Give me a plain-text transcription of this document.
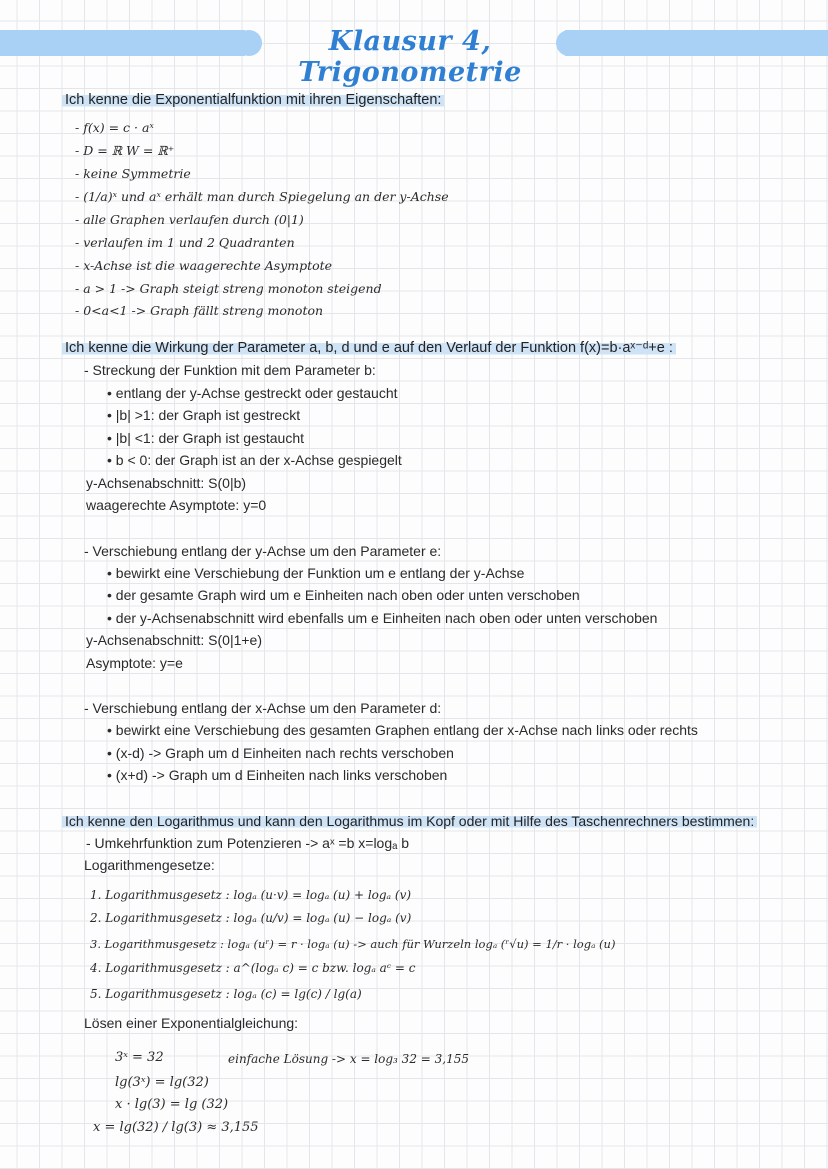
Klausur 4, Trigonometrie
Ich kenne die Exponentialfunktion mit ihren Eigenschaften:
- f(x) = c · aˣ
- D = ℝ W = ℝ⁺
- keine Symmetrie
- (1/a)ˣ und aˣ erhält man durch Spiegelung an der y-Achse
- alle Graphen verlaufen durch (0|1)
- verlaufen im 1 und 2 Quadranten
- x-Achse ist die waagerechte Asymptote
- a > 1 -> Graph steigt streng monoton steigend
- 0<a<1 -> Graph fällt streng monoton
Ich kenne die Wirkung der Parameter a, b, d und e auf den Verlauf der Funktion f(x)=b·aˣ⁻ᵈ+e :
- Streckung der Funktion mit dem Parameter b:
• entlang der y-Achse gestreckt oder gestaucht
• |b| >1: der Graph ist gestreckt
• |b| <1: der Graph ist gestaucht
• b < 0: der Graph ist an der x-Achse gespiegelt
y-Achsenabschnitt: S(0|b)
waagerechte Asymptote: y=0
- Verschiebung entlang der y-Achse um den Parameter e:
• bewirkt eine Verschiebung der Funktion um e entlang der y-Achse
• der gesamte Graph wird um e Einheiten nach oben oder unten verschoben
• der y-Achsenabschnitt wird ebenfalls um e Einheiten nach oben oder unten verschoben
y-Achsenabschnitt: S(0|1+e)
Asymptote: y=e
- Verschiebung entlang der x-Achse um den Parameter d:
• bewirkt eine Verschiebung des gesamten Graphen entlang der x-Achse nach links oder rechts
• (x-d) -> Graph um d Einheiten nach rechts verschoben
• (x+d) -> Graph um d Einheiten nach links verschoben
Ich kenne den Logarithmus und kann den Logarithmus im Kopf oder mit Hilfe des Taschenrechners bestimmen:
- Umkehrfunktion zum Potenzieren -> aˣ =b x=logₐ b
Logarithmengesetze:
1. Logarithmusgesetz : logₐ (u·v) = logₐ (u) + logₐ (v)
2. Logarithmusgesetz : logₐ (u/v) = logₐ (u) − logₐ (v)
3. Logarithmusgesetz : logₐ (uʳ) = r · logₐ (u) -> auch für Wurzeln logₐ (ʳ√u) = 1/r · logₐ (u)
4. Logarithmusgesetz : a^(logₐ c) = c bzw. logₐ aᶜ = c
5. Logarithmusgesetz : logₐ (c) = lg(c) / lg(a)
Lösen einer Exponentialgleichung:
3ˣ = 32	einfache Lösung -> x = log₃ 32 = 3,155
lg(3ˣ) = lg(32)
x · lg(3) = lg (32)
x = lg(32) / lg(3) ≈ 3,155
